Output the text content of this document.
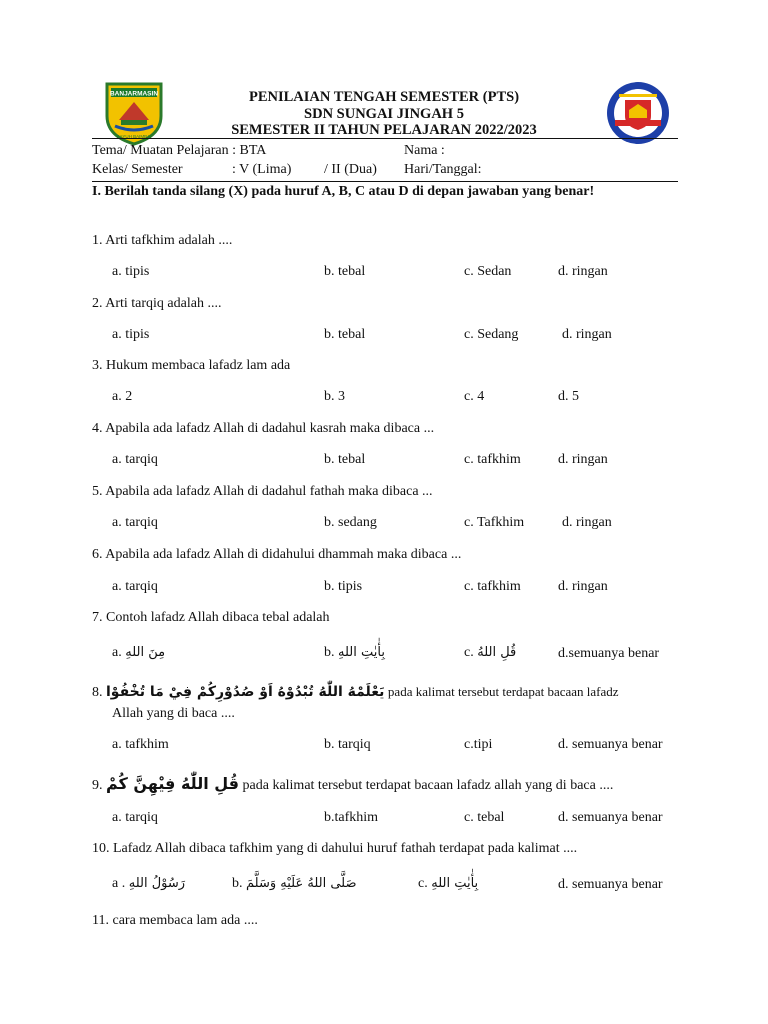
BANJARMASIN
KAYUH BAIMBAI
PENILAIAN TENGAH SEMESTER (PTS)
SDN SUNGAI JINGAH 5
SEMESTER II TAHUN PELAJARAN 2022/2023
Tema/ Muatan Pelajaran : BTA	Nama :
Kelas/ Semester	: V (Lima) / II (Dua) Hari/Tanggal:
I. Berilah tanda silang (X) pada huruf A, B, C atau D di depan jawaban yang benar!
1. Arti tafkhim adalah ....
a. tipis	b. tebal	c. Sedan	d. ringan
2. Arti tarqiq adalah ....
a. tipis	b. tebal	c. Sedang	d. ringan
3. Hukum membaca lafadz lam ada
a. 2	b. 3	c. 4	d. 5
4. Apabila ada lafadz Allah di dadahul kasrah maka dibaca ...
a. tarqiq	b. tebal	c. tafkhim	d. ringan
5. Apabila ada lafadz Allah di dadahul fathah maka dibaca ...
a. tarqiq	b. sedang	c. Tafkhim	d. ringan
6. Apabila ada lafadz Allah di didahului dhammah maka dibaca ...
a. tarqiq	b. tipis	c. tafkhim	d. ringan
7. Contoh lafadz Allah dibaca tebal adalah
a. مِنَ اللهِ	b. بِأٰيٰتِ اللهِ	c. قُلِ اللهُ	d.semuanya benar
8. يَعْلَمْهُ اللّٰهُ تُبْدُوْهُ اَوْ صُدُوْرِكُمْ فِيْ مَا تُخْفُوْا pada kalimat tersebut terdapat bacaan lafadz
Allah yang di baca ....
a. tafkhim	b. tarqiq	c.tipi	d. semuanya benar
9. قُلِ اللّٰهُ فِيْهِنَّ كُمْ pada kalimat tersebut terdapat bacaan lafadz allah yang di baca ....
a. tarqiq	b.tafkhim	c. tebal	d. semuanya benar
10. Lafadz Allah dibaca tafkhim yang di dahului huruf fathah terdapat pada kalimat ....
a . رَسُوْلُ اللهِ	b. صَلَّى اللهُ عَلَيْهِ وَسَلَّمَ	c. بِأٰيٰتِ اللهِ	d. semuanya benar
11. cara membaca lam ada ....
